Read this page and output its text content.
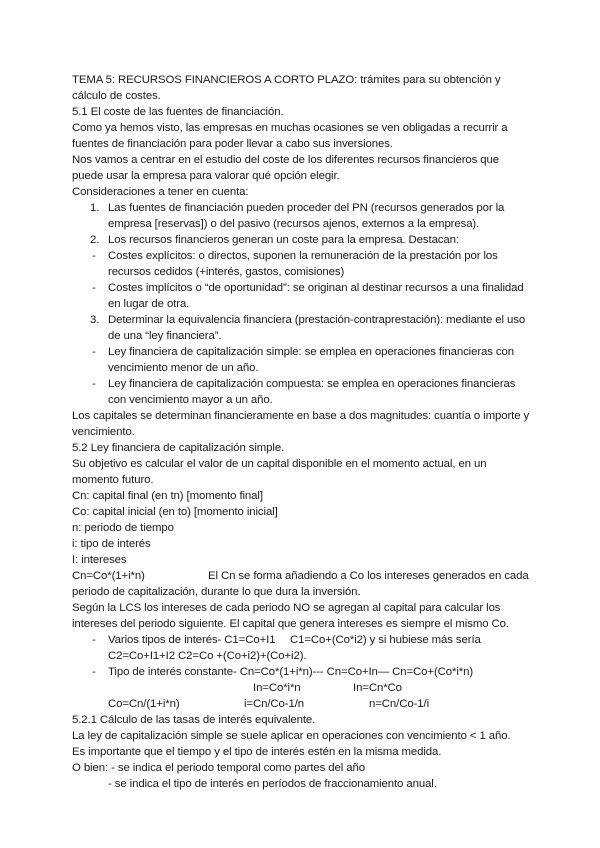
TEMA 5: RECURSOS FINANCIEROS A CORTO PLAZO: trámites para su obtención y
cálculo de costes.
5.1 El coste de las fuentes de financiación.
Como ya hemos visto, las empresas en muchas ocasiones se ven obligadas a recurrir a
fuentes de financiación para poder llevar a cabo sus inversiones.
Nos vamos a centrar en el estudio del coste de los diferentes recursos financieros que
puede usar la empresa para valorar qué opción elegir.
Consideraciones a tener en cuenta:
1. Las fuentes de financiación pueden proceder del PN (recursos generados por la
empresa [reservas]) o del pasivo (recursos ajenos, externos a la empresa).
2. Los recursos financieros generan un coste para la empresa. Destacan:
- Costes explícitos: o directos, suponen la remuneración de la prestación por los
recursos cedidos (+interés, gastos, comisiones)
- Costes implícitos o “de oportunidad”: se originan al destinar recursos a una finalidad
en lugar de otra.
3. Determinar la equivalencia financiera (prestación-contraprestación): mediante el uso
de una “ley financiera”.
- Ley financiera de capitalización simple: se emplea en operaciones financieras con
vencimiento menor de un año.
- Ley financiera de capitalización compuesta: se emplea en operaciones financieras
con vencimiento mayor a un año.
Los capitales se determinan financieramente en base a dos magnitudes: cuantía o importe y
vencimiento.
5.2 Ley financiera de capitalización simple.
Su objetivo es calcular el valor de un capital disponible en el momento actual, en un
momento futuro.
Cn: capital final (en tn) [momento final]
Co: capital inicial (en to) [momento inicial]
n: periodo de tiempo
i: tipo de interés
I: intereses
Cn=Co*(1+i*n)	El Cn se forma añadiendo a Co los intereses generados en cada
periodo de capitalización, durante lo que dura la inversión.
Según la LCS los intereses de cada periodo NO se agregan al capital para calcular los
intereses del periodo siguiente. El capital que genera intereses es siempre el mismo Co.
- Varios tipos de interés- C1=Co+I1 C1=Co+(Co*i2) y si hubiese más sería
C2=Co+I1+I2 C2=Co +(Co+i2)+(Co+i2).
- Tipo de interés constante- Cn=Co*(1+i*n)--- Cn=Co+In— Cn=Co+(Co*i*n)
In=Co*i*n	In=Cn*Co
Co=Cn/(1+i*n)	i=Cn/Co-1/n	n=Cn/Co-1/i
5.2.1 Cálculo de las tasas de interés equivalente.
La ley de capitalización simple se suele aplicar en operaciones con vencimiento < 1 año.
Es importante que el tiempo y el tipo de interés estén en la misma medida.
O bien: - se indica el periodo temporal como partes del año
- se indica el tipo de interés en períodos de fraccionamiento anual.
